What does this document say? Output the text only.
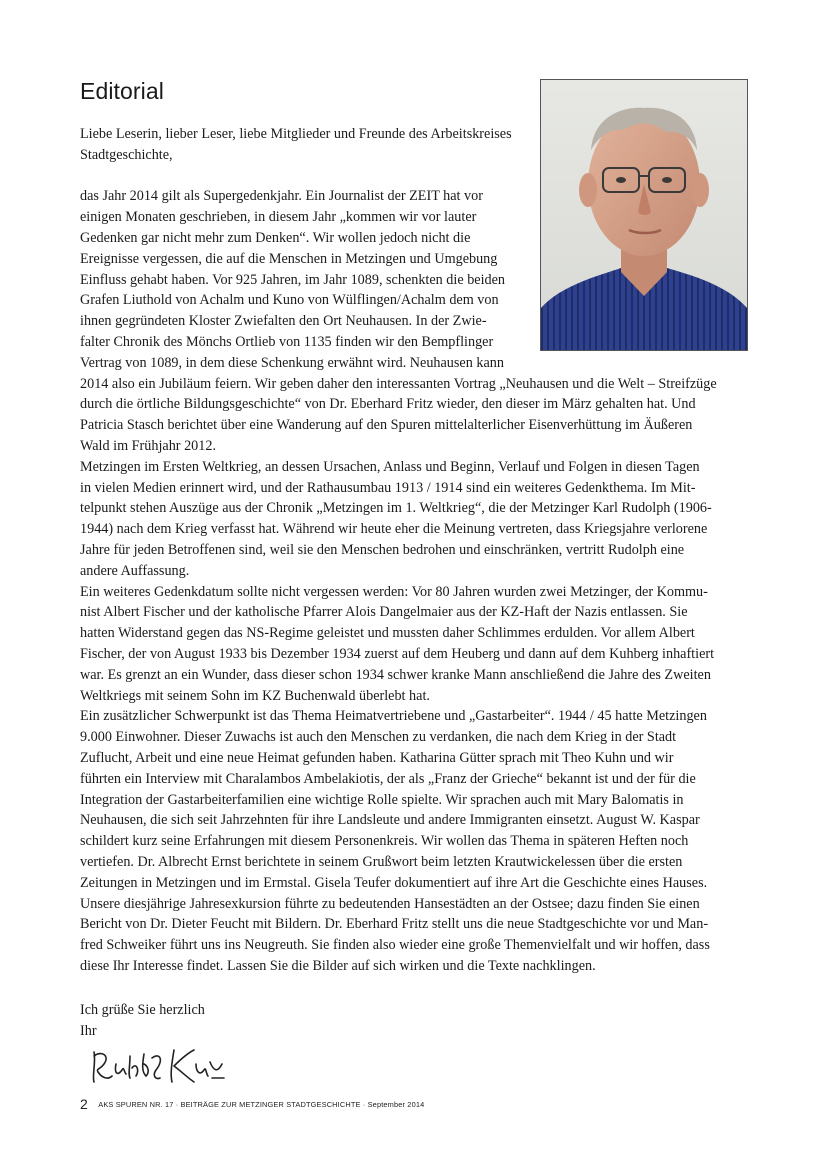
Editorial
Liebe Leserin, lieber Leser, liebe Mitglieder und Freunde des Arbeitskreises
Stadtgeschichte,
das Jahr 2014 gilt als Supergedenkjahr. Ein Journalist der ZEIT hat vor
einigen Monaten geschrieben, in diesem Jahr „kommen wir vor lauter
Gedenken gar nicht mehr zum Denken“. Wir wollen jedoch nicht die
Ereignisse vergessen, die auf die Menschen in Metzingen und Umgebung
Einfluss gehabt haben. Vor 925 Jahren, im Jahr 1089, schenkten die beiden
Grafen Liuthold von Achalm und Kuno von Wülflingen/Achalm dem von
ihnen gegründeten Kloster Zwiefalten den Ort Neuhausen. In der Zwie-
falter Chronik des Mönchs Ortlieb von 1135 finden wir den Bempflinger
Vertrag von 1089, in dem diese Schenkung erwähnt wird. Neuhausen kann
2014 also ein Jubiläum feiern. Wir geben daher den interessanten Vortrag „Neuhausen und die Welt – Streifzüge
durch die örtliche Bildungsgeschichte“ von Dr. Eberhard Fritz wieder, den dieser im März gehalten hat. Und
Patricia Stasch berichtet über eine Wanderung auf den Spuren mittelalterlicher Eisenverhüttung im Äußeren
Wald im Frühjahr 2012.
Metzingen im Ersten Weltkrieg, an dessen Ursachen, Anlass und Beginn, Verlauf und Folgen in diesen Tagen
in vielen Medien erinnert wird, und der Rathausumbau 1913 / 1914 sind ein weiteres Gedenkthema. Im Mit-
telpunkt stehen Auszüge aus der Chronik „Metzingen im 1. Weltkrieg“, die der Metzinger Karl Rudolph (1906-
1944) nach dem Krieg verfasst hat. Während wir heute eher die Meinung vertreten, dass Kriegsjahre verlorene
Jahre für jeden Betroffenen sind, weil sie den Menschen bedrohen und einschränken, vertritt Rudolph eine
andere Auffassung.
Ein weiteres Gedenkdatum sollte nicht vergessen werden: Vor 80 Jahren wurden zwei Metzinger, der Kommu-
nist Albert Fischer und der katholische Pfarrer Alois Dangelmaier aus der KZ-Haft der Nazis entlassen. Sie
hatten Widerstand gegen das NS-Regime geleistet und mussten daher Schlimmes erdulden. Vor allem Albert
Fischer, der von August 1933 bis Dezember 1934 zuerst auf dem Heuberg und dann auf dem Kuhberg inhaftiert
war. Es grenzt an ein Wunder, dass dieser schon 1934 schwer kranke Mann anschließend die Jahre des Zweiten
Weltkriegs mit seinem Sohn im KZ Buchenwald überlebt hat.
Ein zusätzlicher Schwerpunkt ist das Thema Heimatvertriebene und „Gastarbeiter“. 1944 / 45 hatte Metzingen
9.000 Einwohner. Dieser Zuwachs ist auch den Menschen zu verdanken, die nach dem Krieg in der Stadt
Zuflucht, Arbeit und eine neue Heimat gefunden haben. Katharina Gütter sprach mit Theo Kuhn und wir
führten ein Interview mit Charalambos Ambelakiotis, der als „Franz der Grieche“ bekannt ist und der für die
Integration der Gastarbeiterfamilien eine wichtige Rolle spielte. Wir sprachen auch mit Mary Balomatis in
Neuhausen, die sich seit Jahrzehnten für ihre Landsleute und andere Immigranten einsetzt. August W. Kaspar
schildert kurz seine Erfahrungen mit diesem Personenkreis. Wir wollen das Thema in späteren Heften noch
vertiefen. Dr. Albrecht Ernst berichtete in seinem Grußwort beim letzten Krautwickelessen über die ersten
Zeitungen in Metzingen und im Ermstal. Gisela Teufer dokumentiert auf ihre Art die Geschichte eines Hauses.
Unsere diesjährige Jahresexkursion führte zu bedeutenden Hansestädten an der Ostsee; dazu finden Sie einen
Bericht von Dr. Dieter Feucht mit Bildern. Dr. Eberhard Fritz stellt uns die neue Stadtgeschichte vor und Man-
fred Schweiker führt uns ins Neugreuth. Sie finden also wieder eine große Themenvielfalt und wir hoffen, dass
diese Ihr Interesse findet. Lassen Sie die Bilder auf sich wirken und die Texte nachklingen.
Ich grüße Sie herzlich
Ihr
2 AKS SPUREN NR. 17 · BEITRÄGE ZUR METZINGER STADTGESCHICHTE · September 2014
